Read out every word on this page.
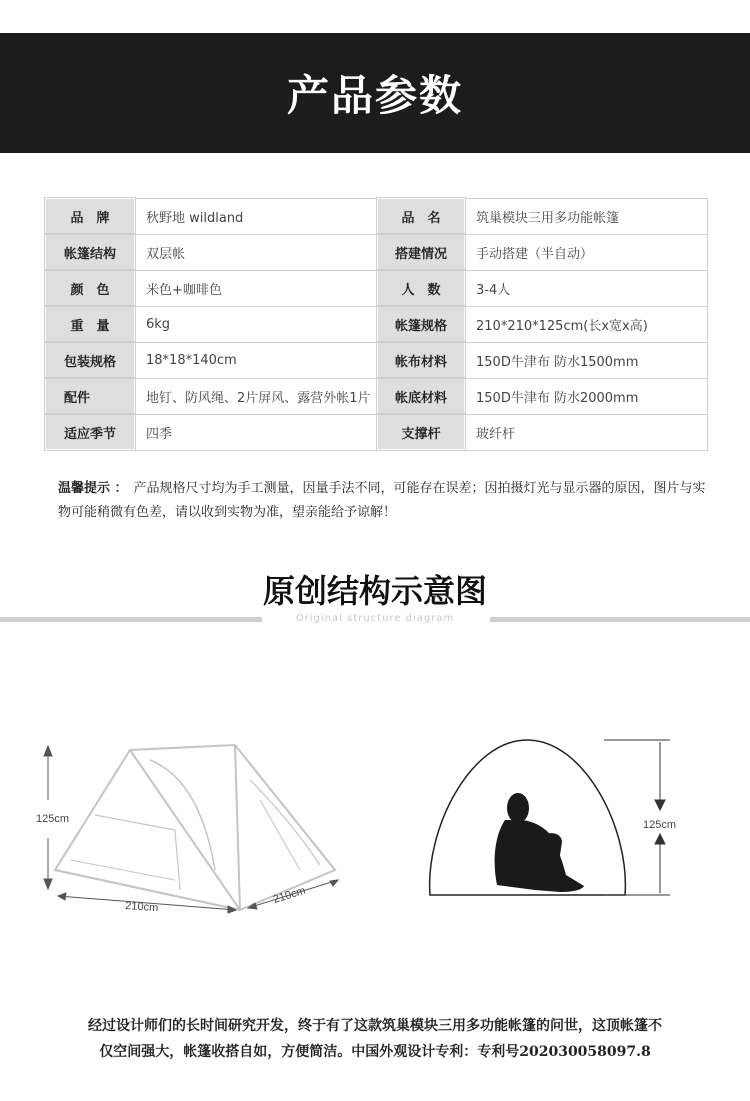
产品参数
品　牌	秋野地 wildland	品　名	筑巢模块三用多功能帐篷
帐篷结构	双层帐	搭建情况	手动搭建（半自动）
颜　色	米色+咖啡色	人　数	3-4人
重　量	6kg	帐篷规格	210*210*125cm(长x宽x高)
包装规格	18*18*140cm	帐布材料	150D牛津布 防水1500mm
配件	地钉、防风绳、2片屏风、露营外帐1片	帐底材料	150D牛津布 防水2000mm
适应季节	四季	支撑杆	玻纤杆
温馨提示 ： 产品规格尺寸均为手工测量，因量手法不同，可能存在误差；因拍摄灯光与显示器的原因，图片与实物可能稍微有色差，请以收到实物为准，望亲能给予谅解！
原创结构示意图
Original structure diagram
125cm
210cm
210cm
125cm
经过设计师们的长时间研究开发，终于有了这款筑巢模块三用多功能帐篷的问世，这顶帐篷不
仅空间强大，帐篷收搭自如，方便简洁。中国外观设计专利：专利号202030058097.8
